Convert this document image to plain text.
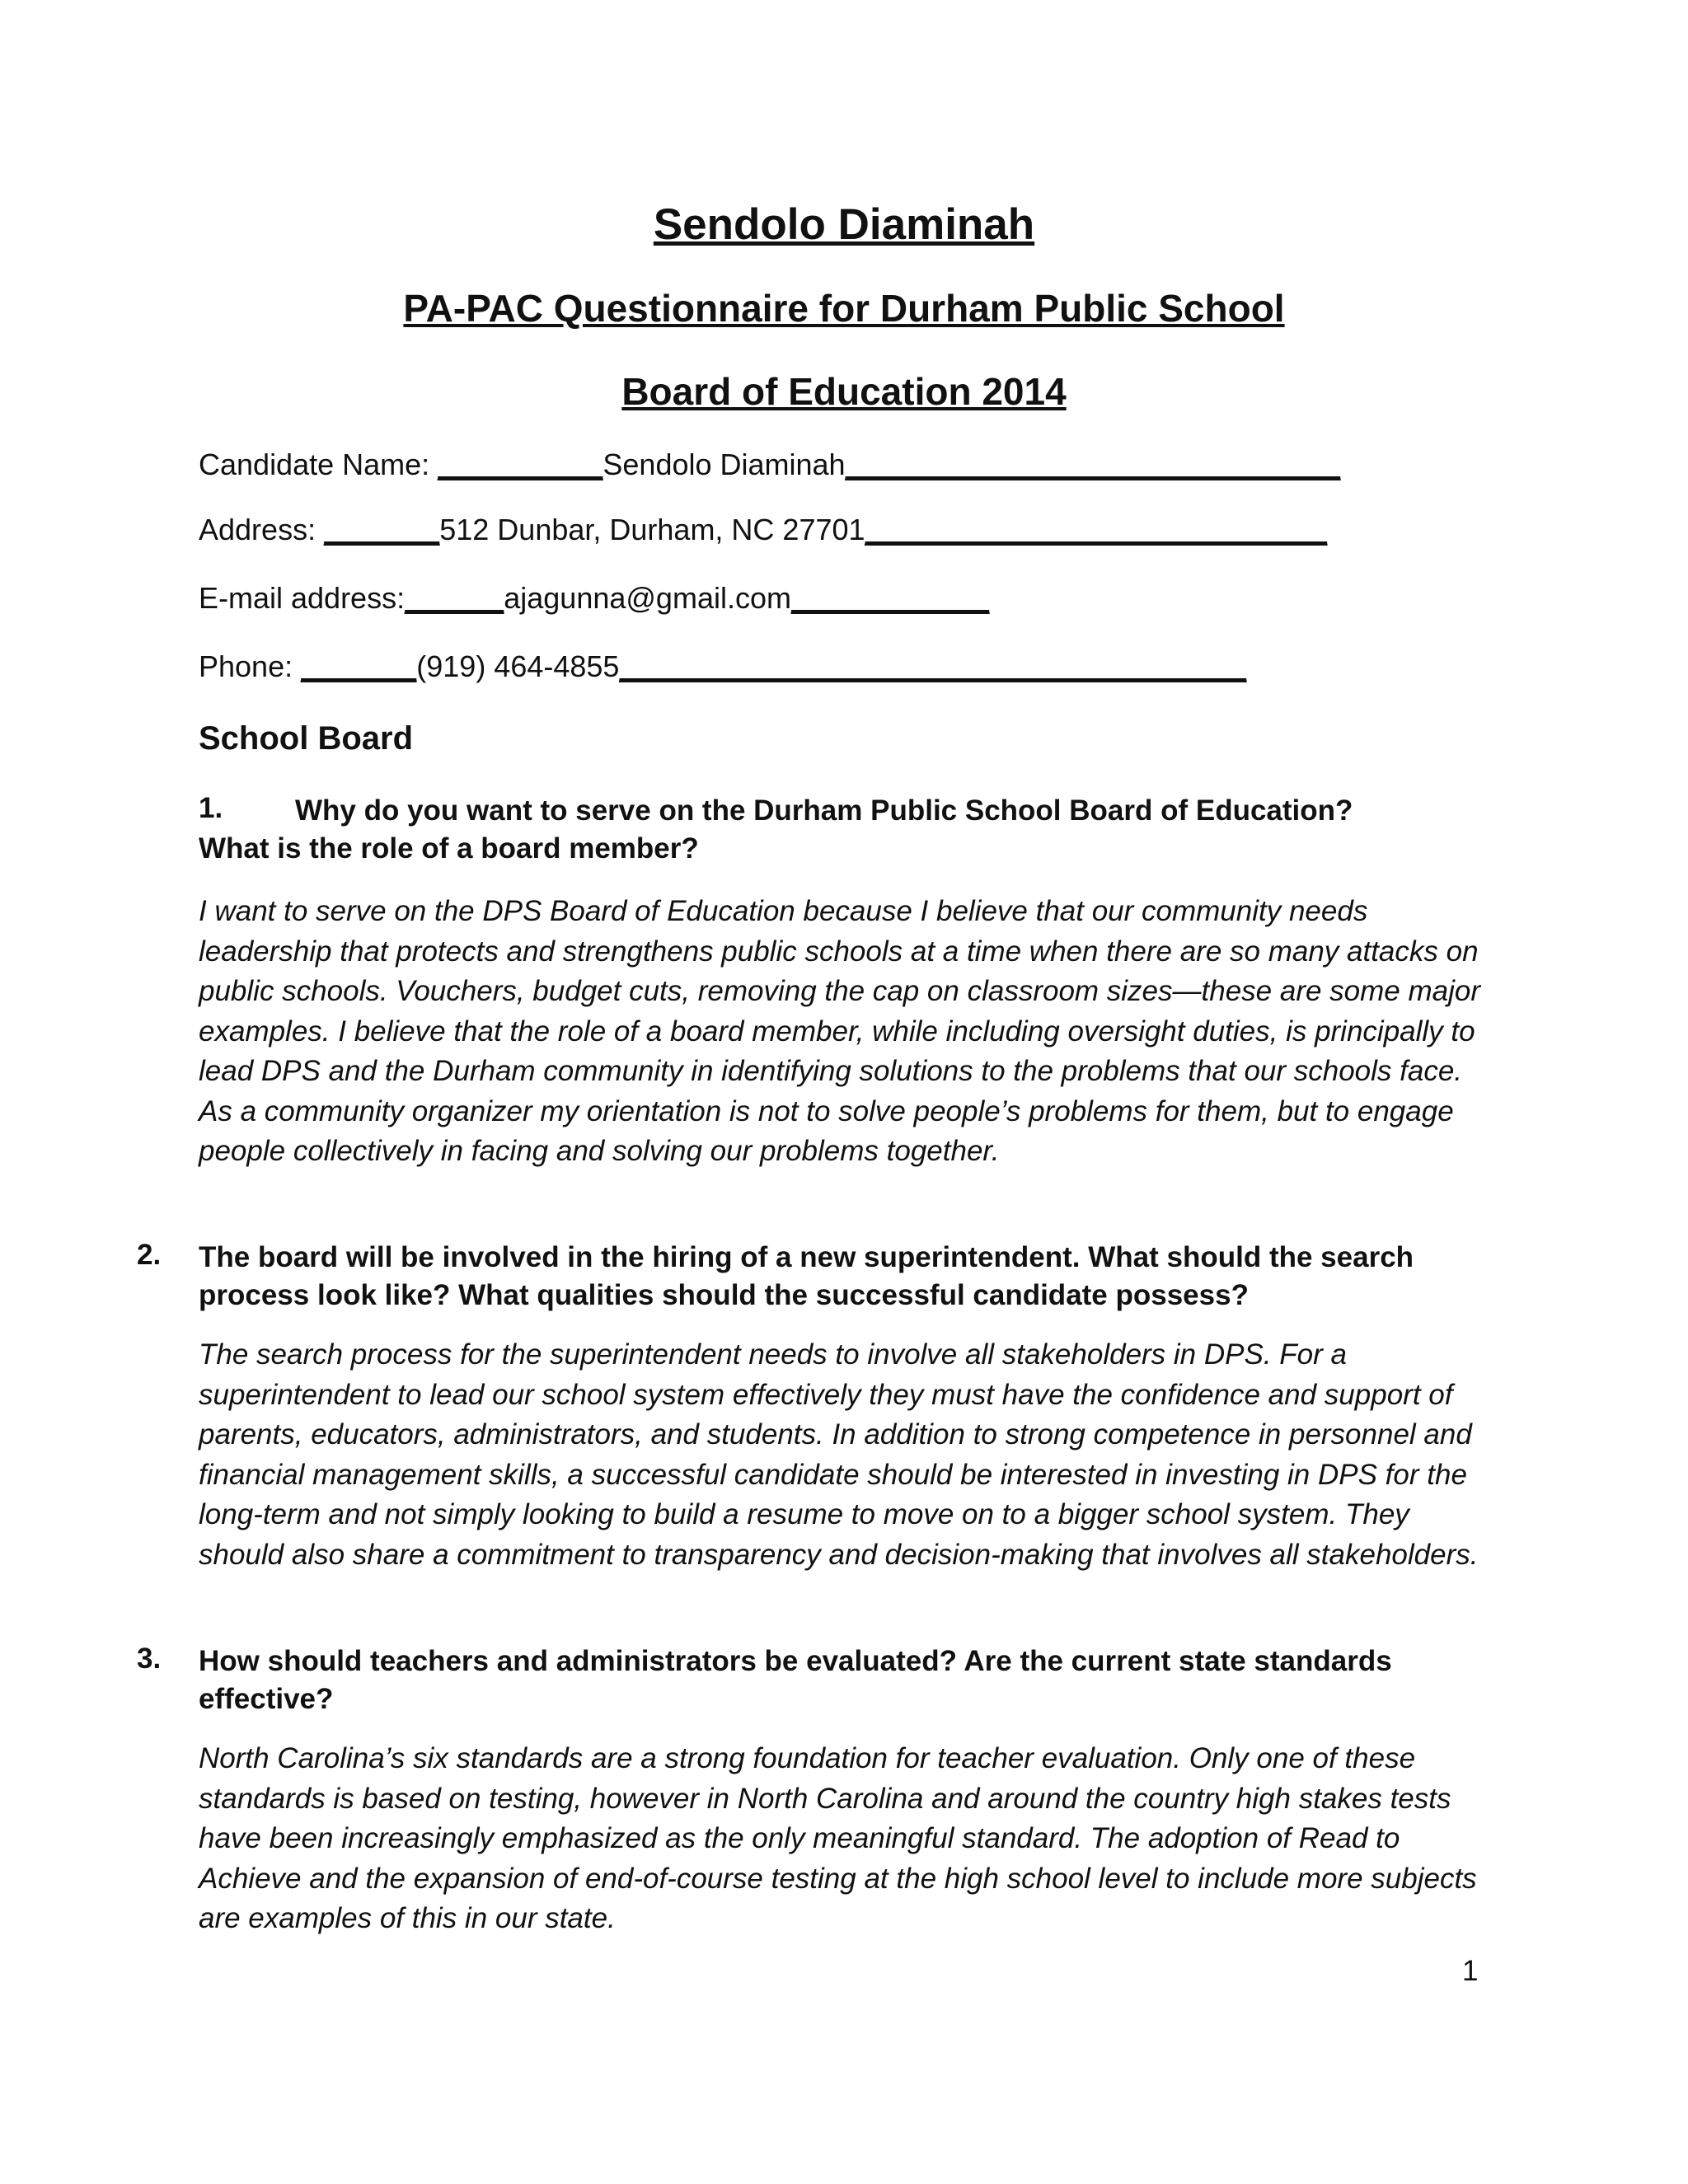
Sendolo Diaminah
PA-PAC Questionnaire for Durham Public School
Board of Education 2014
Candidate Name: __________Sendolo Diaminah______________________________
Address: _______512 Dunbar, Durham, NC 27701____________________________
E-mail address:______ajagunna@gmail.com____________
Phone: _______(919) 464-4855______________________________________
School Board
1.	Why do you want to serve on the Durham Public School Board of Education?
What is the role of a board member?
I want to serve on the DPS Board of Education because I believe that our community needs leadership that protects and strengthens public schools at a time when there are so many attacks on public schools. Vouchers, budget cuts, removing the cap on classroom sizes—these are some major examples. I believe that the role of a board member, while including oversight duties, is principally to lead DPS and the Durham community in identifying solutions to the problems that our schools face. As a community organizer my orientation is not to solve people’s problems for them, but to engage people collectively in facing and solving our problems together.
2. The board will be involved in the hiring of a new superintendent. What should the search process look like? What qualities should the successful candidate possess?
The search process for the superintendent needs to involve all stakeholders in DPS. For a superintendent to lead our school system effectively they must have the confidence and support of parents, educators, administrators, and students. In addition to strong competence in personnel and financial management skills, a successful candidate should be interested in investing in DPS for the long-term and not simply looking to build a resume to move on to a bigger school system. They should also share a commitment to transparency and decision-making that involves all stakeholders.
3. How should teachers and administrators be evaluated? Are the current state standards effective?
North Carolina’s six standards are a strong foundation for teacher evaluation. Only one of these standards is based on testing, however in North Carolina and around the country high stakes tests have been increasingly emphasized as the only meaningful standard. The adoption of Read to Achieve and the expansion of end-of-course testing at the high school level to include more subjects are examples of this in our state.
1
